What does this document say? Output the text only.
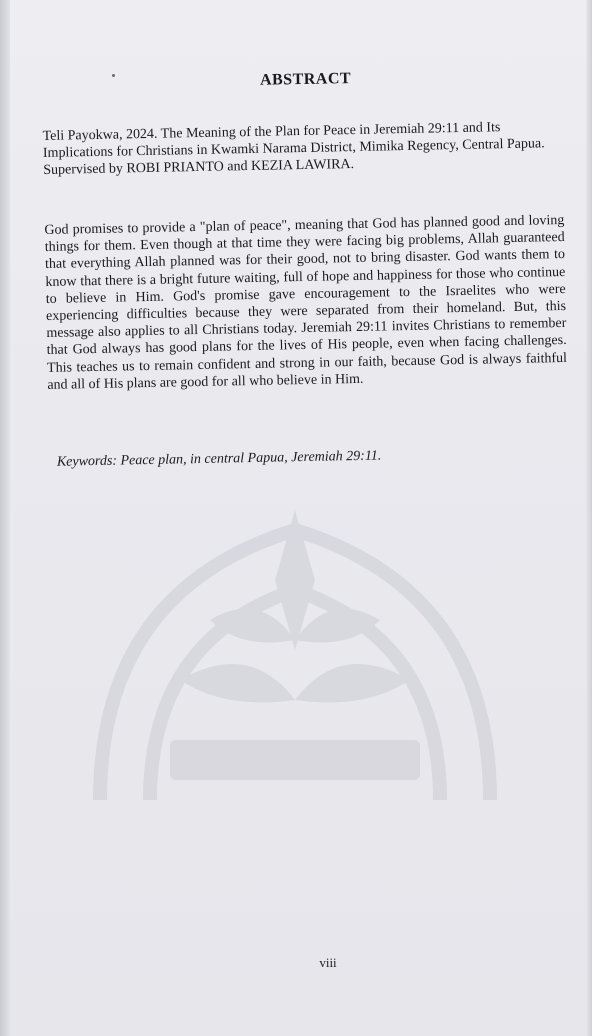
ABSTRACT
Teli Payokwa, 2024. The Meaning of the Plan for Peace in Jeremiah 29:11 and Its Implications for Christians in Kwamki Narama District, Mimika Regency, Central Papua. Supervised by ROBI PRIANTO and KEZIA LAWIRA.
God promises to provide a "plan of peace", meaning that God has planned good and loving things for them. Even though at that time they were facing big problems, Allah guaranteed that everything Allah planned was for their good, not to bring disaster. God wants them to know that there is a bright future waiting, full of hope and happiness for those who continue to believe in Him. God's promise gave encouragement to the Israelites who were experiencing difficulties because they were separated from their homeland. But, this message also applies to all Christians today. Jeremiah 29:11 invites Christians to remember that God always has good plans for the lives of His people, even when facing challenges. This teaches us to remain confident and strong in our faith, because God is always faithful and all of His plans are good for all who believe in Him.
Keywords: Peace plan, in central Papua, Jeremiah 29:11.
viii
